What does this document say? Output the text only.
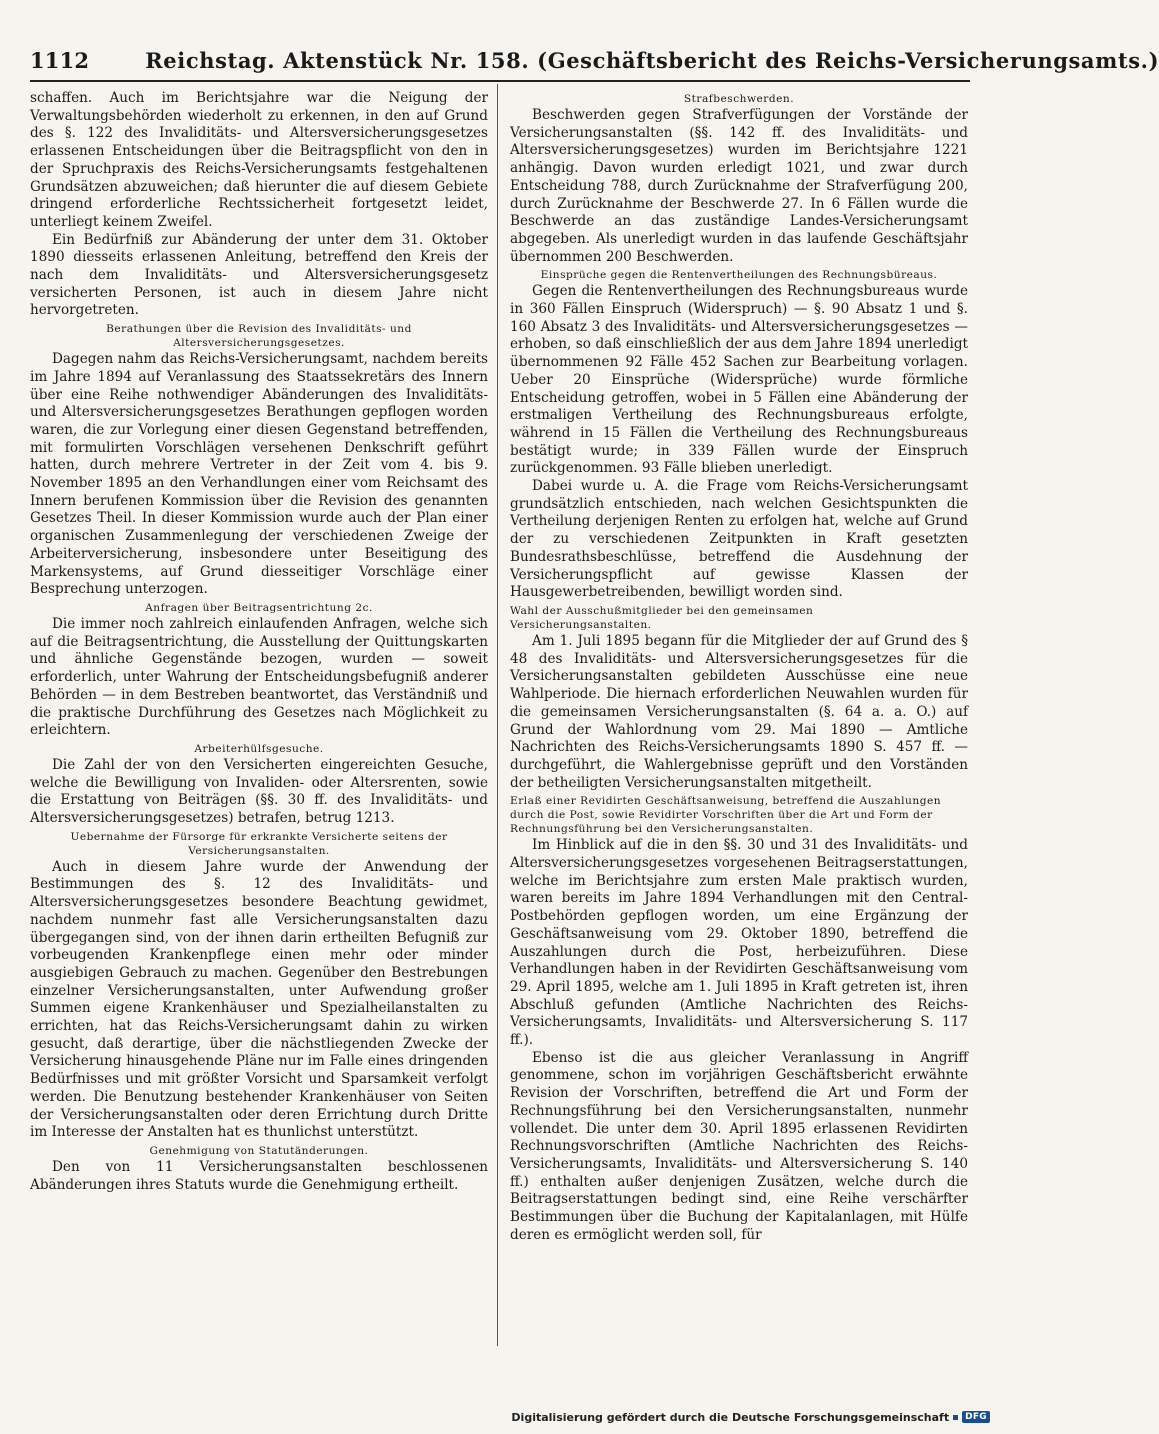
1112	Reichstag. Aktenstück Nr. 158. (Geschäftsbericht des Reichs-Versicherungsamts.)

schaffen. Auch im Berichtsjahre war die Neigung der Verwaltungsbehörden wiederholt zu erkennen, in den auf Grund des §. 122 des Invaliditäts- und Altersversicherungsgesetzes erlassenen Entscheidungen über die Beitragspflicht von den in der Spruchpraxis des Reichs-Versicherungsamts festgehaltenen Grundsätzen abzuweichen; daß hierunter die auf diesem Gebiete dringend erforderliche Rechtssicherheit fortgesetzt leidet, unterliegt keinem Zweifel.

Ein Bedürfniß zur Abänderung der unter dem 31. Oktober 1890 diesseits erlassenen Anleitung, betreffend den Kreis der nach dem Invaliditäts- und Altersversicherungsgesetz versicherten Personen, ist auch in diesem Jahre nicht hervorgetreten.

Berathungen über die Revision des Invaliditäts- und Altersversicherungsgesetzes.

Dagegen nahm das Reichs-Versicherungsamt, nachdem bereits im Jahre 1894 auf Veranlassung des Staatssekretärs des Innern über eine Reihe nothwendiger Abänderungen des Invaliditäts- und Altersversicherungsgesetzes Berathungen gepflogen worden waren, die zur Vorlegung einer diesen Gegenstand betreffenden, mit formulirten Vorschlägen versehenen Denkschrift geführt hatten, durch mehrere Vertreter in der Zeit vom 4. bis 9. November 1895 an den Verhandlungen einer vom Reichsamt des Innern berufenen Kommission über die Revision des genannten Gesetzes Theil. In dieser Kommission wurde auch der Plan einer organischen Zusammenlegung der verschiedenen Zweige der Arbeiterversicherung, insbesondere unter Beseitigung des Markensystems, auf Grund diesseitiger Vorschläge einer Besprechung unterzogen.

Anfragen über Beitragsentrichtung 2c.

Die immer noch zahlreich einlaufenden Anfragen, welche sich auf die Beitragsentrichtung, die Ausstellung der Quittungskarten und ähnliche Gegenstände bezogen, wurden — soweit erforderlich, unter Wahrung der Entscheidungsbefugniß anderer Behörden — in dem Bestreben beantwortet, das Verständniß und die praktische Durchführung des Gesetzes nach Möglichkeit zu erleichtern.

Arbeiterhülfsgesuche.

Die Zahl der von den Versicherten eingereichten Gesuche, welche die Bewilligung von Invaliden- oder Altersrenten, sowie die Erstattung von Beiträgen (§§. 30 ff. des Invaliditäts- und Altersversicherungsgesetzes) betrafen, betrug 1213.

Uebernahme der Fürsorge für erkrankte Versicherte seitens der Versicherungsanstalten.

Auch in diesem Jahre wurde der Anwendung der Bestimmungen des §. 12 des Invaliditäts- und Altersversicherungsgesetzes besondere Beachtung gewidmet, nachdem nunmehr fast alle Versicherungsanstalten dazu übergegangen sind, von der ihnen darin ertheilten Befugniß zur vorbeugenden Krankenpflege einen mehr oder minder ausgiebigen Gebrauch zu machen. Gegenüber den Bestrebungen einzelner Versicherungsanstalten, unter Aufwendung großer Summen eigene Krankenhäuser und Spezialheilanstalten zu errichten, hat das Reichs-Versicherungsamt dahin zu wirken gesucht, daß derartige, über die nächstliegenden Zwecke der Versicherung hinausgehende Pläne nur im Falle eines dringenden Bedürfnisses und mit größter Vorsicht und Sparsamkeit verfolgt werden. Die Benutzung bestehender Krankenhäuser von Seiten der Versicherungsanstalten oder deren Errichtung durch Dritte im Interesse der Anstalten hat es thunlichst unterstützt.

Genehmigung von Statutänderungen.

Den von 11 Versicherungsanstalten beschlossenen Abänderungen ihres Statuts wurde die Genehmigung ertheilt.

Strafbeschwerden.

Beschwerden gegen Strafverfügungen der Vorstände der Versicherungsanstalten (§§. 142 ff. des Invaliditäts- und Altersversicherungsgesetzes) wurden im Berichtsjahre 1221 anhängig. Davon wurden erledigt 1021, und zwar durch Entscheidung 788, durch Zurücknahme der Strafverfügung 200, durch Zurücknahme der Beschwerde 27. In 6 Fällen wurde die Beschwerde an das zuständige Landes-Versicherungsamt abgegeben. Als unerledigt wurden in das laufende Geschäftsjahr übernommen 200 Beschwerden.

Einsprüche gegen die Rentenvertheilungen des Rechnungsbüreaus.

Gegen die Rentenvertheilungen des Rechnungsbureaus wurde in 360 Fällen Einspruch (Widerspruch) — §. 90 Absatz 1 und §. 160 Absatz 3 des Invaliditäts- und Altersversicherungsgesetzes — erhoben, so daß einschließlich der aus dem Jahre 1894 unerledigt übernommenen 92 Fälle 452 Sachen zur Bearbeitung vorlagen. Ueber 20 Einsprüche (Widersprüche) wurde förmliche Entscheidung getroffen, wobei in 5 Fällen eine Abänderung der erstmaligen Vertheilung des Rechnungsbureaus erfolgte, während in 15 Fällen die Vertheilung des Rechnungsbureaus bestätigt wurde; in 339 Fällen wurde der Einspruch zurückgenommen. 93 Fälle blieben unerledigt.

Dabei wurde u. A. die Frage vom Reichs-Versicherungsamt grundsätzlich entschieden, nach welchen Gesichtspunkten die Vertheilung derjenigen Renten zu erfolgen hat, welche auf Grund der zu verschiedenen Zeitpunkten in Kraft gesetzten Bundesrathsbeschlüsse, betreffend die Ausdehnung der Versicherungspflicht auf gewisse Klassen der Hausgewerbetreibenden, bewilligt worden sind.

Wahl der Ausschußmitglieder bei den gemeinsamen Versicherungsanstalten.

Am 1. Juli 1895 begann für die Mitglieder der auf Grund des § 48 des Invaliditäts- und Altersversicherungsgesetzes für die Versicherungsanstalten gebildeten Ausschüsse eine neue Wahlperiode. Die hiernach erforderlichen Neuwahlen wurden für die gemeinsamen Versicherungsanstalten (§. 64 a. a. O.) auf Grund der Wahlordnung vom 29. Mai 1890 — Amtliche Nachrichten des Reichs-Versicherungsamts 1890 S. 457 ff. — durchgeführt, die Wahlergebnisse geprüft und den Vorständen der betheiligten Versicherungsanstalten mitgetheilt.

Erlaß einer Revidirten Geschäftsanweisung, betreffend die Auszahlungen durch die Post, sowie Revidirter Vorschriften über die Art und Form der Rechnungsführung bei den Versicherungsanstalten.

Im Hinblick auf die in den §§. 30 und 31 des Invaliditäts- und Altersversicherungsgesetzes vorgesehenen Beitragserstattungen, welche im Berichtsjahre zum ersten Male praktisch wurden, waren bereits im Jahre 1894 Verhandlungen mit den Central-Postbehörden gepflogen worden, um eine Ergänzung der Geschäftsanweisung vom 29. Oktober 1890, betreffend die Auszahlungen durch die Post, herbeizuführen. Diese Verhandlungen haben in der Revidirten Geschäftsanweisung vom 29. April 1895, welche am 1. Juli 1895 in Kraft getreten ist, ihren Abschluß gefunden (Amtliche Nachrichten des Reichs-Versicherungsamts, Invaliditäts- und Altersversicherung S. 117 ff.).

Ebenso ist die aus gleicher Veranlassung in Angriff genommene, schon im vorjährigen Geschäftsbericht erwähnte Revision der Vorschriften, betreffend die Art und Form der Rechnungsführung bei den Versicherungsanstalten, nunmehr vollendet. Die unter dem 30. April 1895 erlassenen Revidirten Rechnungsvorschriften (Amtliche Nachrichten des Reichs-Versicherungsamts, Invaliditäts- und Altersversicherung S. 140 ff.) enthalten außer denjenigen Zusätzen, welche durch die Beitragserstattungen bedingt sind, eine Reihe verschärfter Bestimmungen über die Buchung der Kapitalanlagen, mit Hülfe deren es ermöglicht werden soll, für

Digitalisierung gefördert durch die Deutsche Forschungsgemeinschaft	DFG
